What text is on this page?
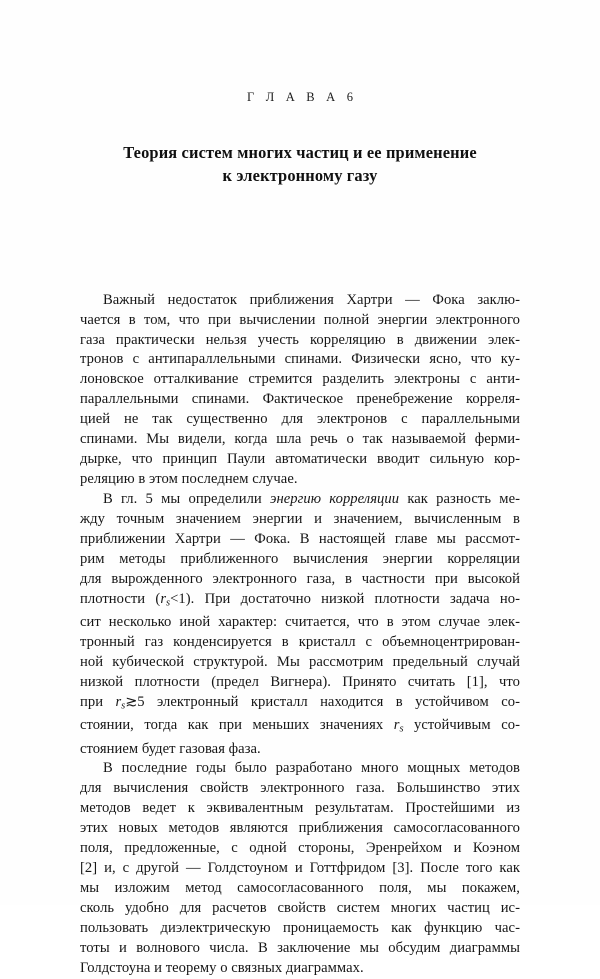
Г Л А В А 6
Теория систем многих частиц и ее применение
к электронному газу

Важный недостаток приближения Хартри — Фока заклю-
чается в том, что при вычислении полной энергии электронного
газа практически нельзя учесть корреляцию в движении элек-
тронов с антипараллельными спинами. Физически ясно, что ку-
лоновское отталкивание стремится разделить электроны с анти-
параллельными спинами. Фактическое пренебрежение корреля-
цией не так существенно для электронов с параллельными
спинами. Мы видели, когда шла речь о так называемой ферми-
дырке, что принцип Паули автоматически вводит сильную кор-
реляцию в этом последнем случае.

В гл. 5 мы определили энергию корреляции как разность ме-
жду точным значением энергии и значением, вычисленным в
приближении Хартри — Фока. В настоящей главе мы рассмот-
рим методы приближенного вычисления энергии корреляции
для вырожденного электронного газа, в частности при высокой
плотности (rs<1). При достаточно низкой плотности задача но-
сит несколько иной характер: считается, что в этом случае элек-
тронный газ конденсируется в кристалл с объемноцентрирован-
ной кубической структурой. Мы рассмотрим предельный случай
низкой плотности (предел Вигнера). Принято считать [1], что
при rs≳5 электронный кристалл находится в устойчивом со-
стоянии, тогда как при меньших значениях rs устойчивым со-
стоянием будет газовая фаза.

В последние годы было разработано много мощных методов
для вычисления свойств электронного газа. Большинство этих
методов ведет к эквивалентным результатам. Простейшими из
этих новых методов являются приближения самосогласованного
поля, предложенные, с одной стороны, Эренрейхом и Коэном
[2] и, с другой — Голдстоуном и Готтфридом [3]. После того как
мы изложим метод самосогласованного поля, мы покажем,
сколь удобно для расчетов свойств систем многих частиц ис-
пользовать диэлектрическую проницаемость как функцию час-
тоты и волнового числа. В заключение мы обсудим диаграммы
Голдстоуна и теорему о связных диаграммах.
